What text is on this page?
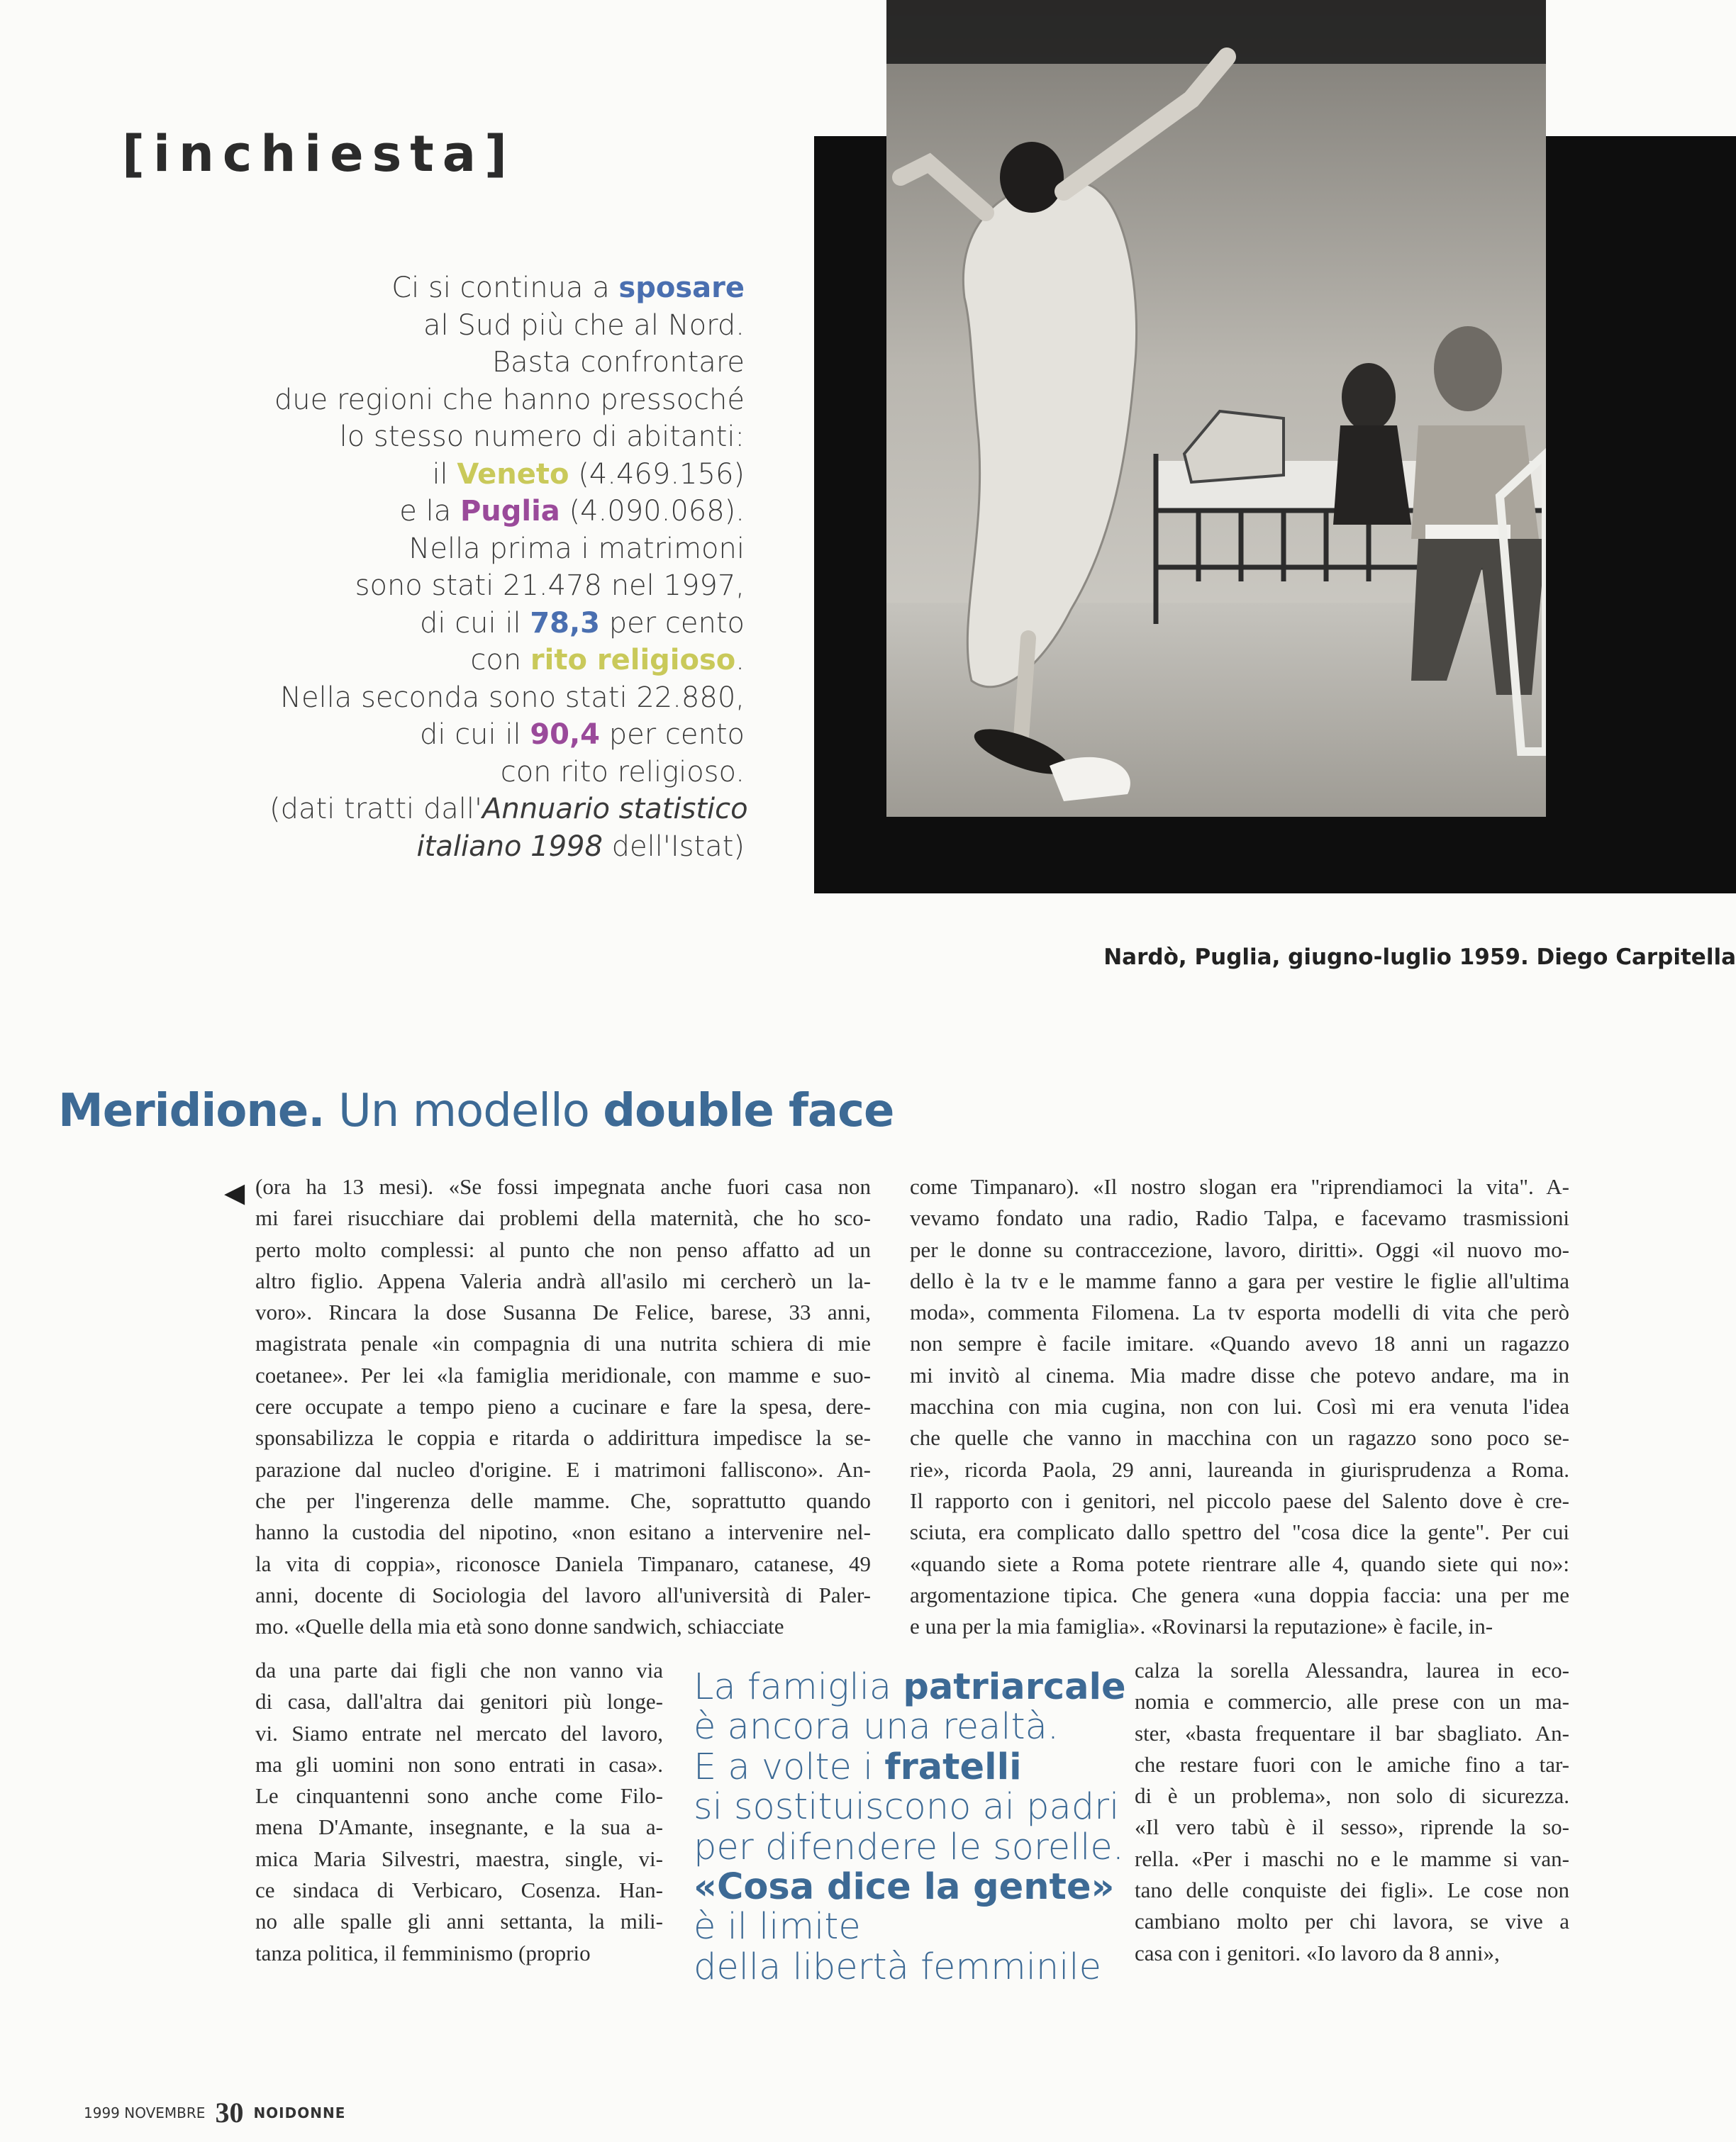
[inchiesta]
Ci si continua a sposare
al Sud più che al Nord.
Basta confrontare
due regioni che hanno pressoché
lo stesso numero di abitanti:
il Veneto (4.469.156)
e la Puglia (4.090.068).
Nella prima i matrimoni
sono stati 21.478 nel 1997,
di cui il 78,3 per cento
con rito religioso.
Nella seconda sono stati 22.880,
di cui il 90,4 per cento
con rito religioso.
(dati tratti dall'Annuario statistico
italiano 1998 dell'Istat)
Nardò, Puglia, giugno-luglio 1959. Diego Carpitella
Meridione. Un modello double face
◀ (ora ha 13 mesi). «Se fossi impegnata anche fuori casa non
mi farei risucchiare dai problemi della maternità, che ho sco-
perto molto complessi: al punto che non penso affatto ad un
altro figlio. Appena Valeria andrà all'asilo mi cercherò un la-
voro». Rincara la dose Susanna De Felice, barese, 33 anni,
magistrata penale «in compagnia di una nutrita schiera di mie
coetanee». Per lei «la famiglia meridionale, con mamme e suo-
cere occupate a tempo pieno a cucinare e fare la spesa, dere-
sponsabilizza le coppia e ritarda o addirittura impedisce la se-
parazione dal nucleo d'origine. E i matrimoni falliscono». An-
che per l'ingerenza delle mamme. Che, soprattutto quando
hanno la custodia del nipotino, «non esitano a intervenire nel-
la vita di coppia», riconosce Daniela Timpanaro, catanese, 49
anni, docente di Sociologia del lavoro all'università di Paler-
mo. «Quelle della mia età sono donne sandwich, schiacciate
da una parte dai figli che non vanno via
di casa, dall'altra dai genitori più longe-
vi. Siamo entrate nel mercato del lavoro,
ma gli uomini non sono entrati in casa».
Le cinquantenni sono anche come Filo-
mena D'Amante, insegnante, e la sua a-
mica Maria Silvestri, maestra, single, vi-
ce sindaca di Verbicaro, Cosenza. Han-
no alle spalle gli anni settanta, la mili-
tanza politica, il femminismo (proprio
come Timpanaro). «Il nostro slogan era "riprendiamoci la vita". A-
vevamo fondato una radio, Radio Talpa, e facevamo trasmissioni
per le donne su contraccezione, lavoro, diritti». Oggi «il nuovo mo-
dello è la tv e le mamme fanno a gara per vestire le figlie all'ultima
moda», commenta Filomena. La tv esporta modelli di vita che però
non sempre è facile imitare. «Quando avevo 18 anni un ragazzo
mi invitò al cinema. Mia madre disse che potevo andare, ma in
macchina con mia cugina, non con lui. Così mi era venuta l'idea
che quelle che vanno in macchina con un ragazzo sono poco se-
rie», ricorda Paola, 29 anni, laureanda in giurisprudenza a Roma.
Il rapporto con i genitori, nel piccolo paese del Salento dove è cre-
sciuta, era complicato dallo spettro del "cosa dice la gente". Per cui
«quando siete a Roma potete rientrare alle 4, quando siete qui no»:
argomentazione tipica. Che genera «una doppia faccia: una per me
e una per la mia famiglia». «Rovinarsi la reputazione» è facile, in-
calza la sorella Alessandra, laurea in eco-
nomia e commercio, alle prese con un ma-
ster, «basta frequentare il bar sbagliato. An-
che restare fuori con le amiche fino a tar-
di è un problema», non solo di sicurezza.
«Il vero tabù è il sesso», riprende la so-
rella. «Per i maschi no e le mamme si van-
tano delle conquiste dei figli». Le cose non
cambiano molto per chi lavora, se vive a
casa con i genitori. «Io lavoro da 8 anni»,
La famiglia patriarcale
è ancora una realtà.
E a volte i fratelli
si sostituiscono ai padri
per difendere le sorelle.
«Cosa dice la gente»
è il limite
della libertà femminile
1999 NOVEMBRE 30 NOIDONNE
